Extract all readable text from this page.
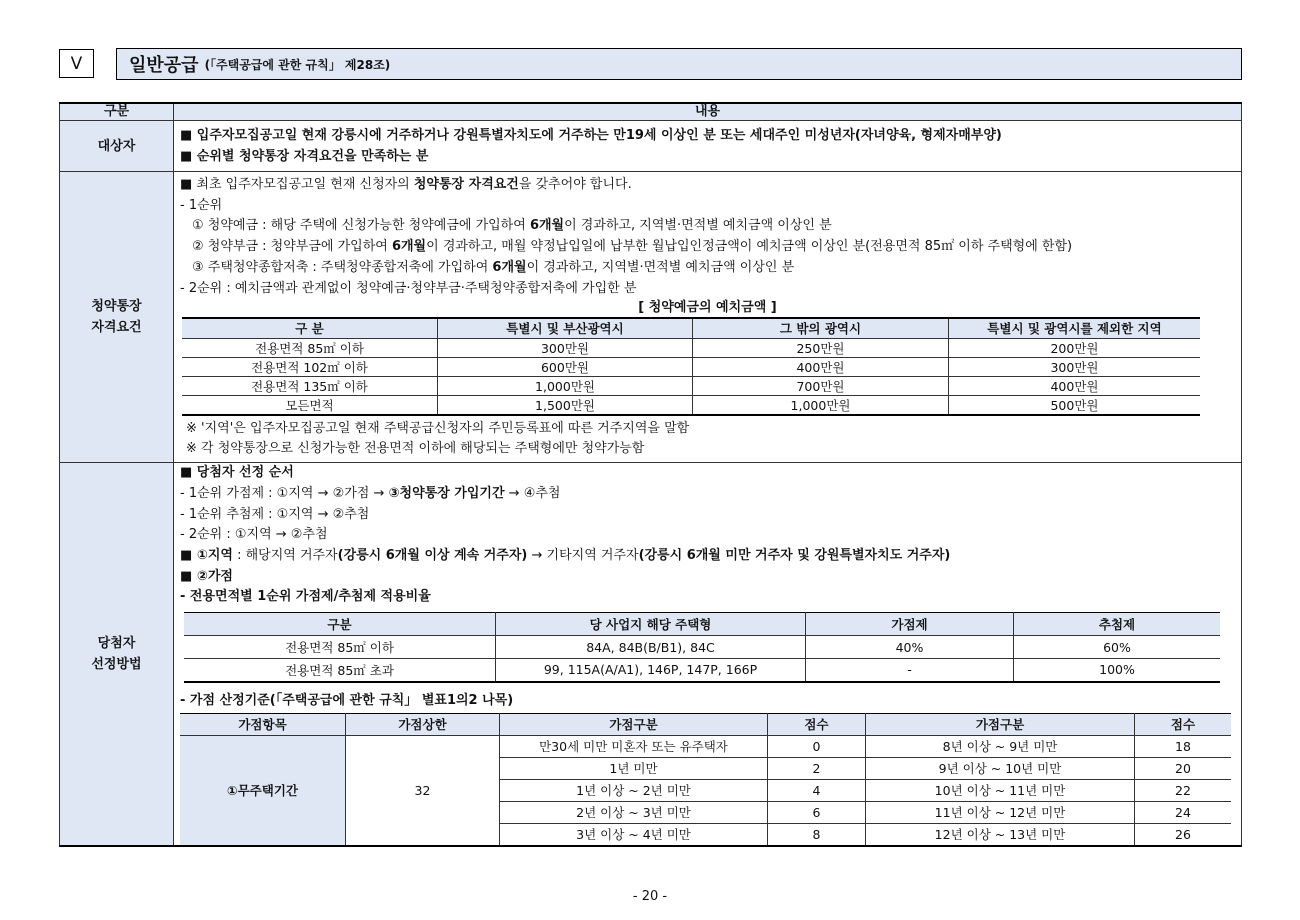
V	일반공급 (「주택공급에 관한 규칙」 제28조)
구분	내용
대상자	
■ 입주자모집공고일 현재 강릉시에 거주하거나 강원특별자치도에 거주하는 만19세 이상인 분 또는 세대주인 미성년자(자녀양육, 형제자매부양)
■ 순위별 청약통장 자격요건을 만족하는 분

청약통장
자격요건

■ 최초 입주자모집공고일 현재 신청자의 청약통장 자격요건을 갖추어야 합니다.
- 1순위
① 청약예금 : 해당 주택에 신청가능한 청약예금에 가입하여 6개월이 경과하고, 지역별·면적별 예치금액 이상인 분
② 청약부금 : 청약부금에 가입하여 6개월이 경과하고, 매월 약정납입일에 납부한 월납입인정금액이 예치금액 이상인 분(전용면적 85㎡ 이하 주택형에 한함)
③ 주택청약종합저축 : 주택청약종합저축에 가입하여 6개월이 경과하고, 지역별·면적별 예치금액 이상인 분
- 2순위 : 예치금액과 관계없이 청약예금·청약부금·주택청약종합저축에 가입한 분
[ 청약예금의 예치금액 ]
구 분	특별시 및 부산광역시	그 밖의 광역시	특별시 및 광역시를 제외한 지역
전용면적 85㎡ 이하	300만원	250만원	200만원
전용면적 102㎡ 이하	600만원	400만원	300만원
전용면적 135㎡ 이하	1,000만원	700만원	400만원
모든면적	1,500만원	1,000만원	500만원
※ '지역'은 입주자모집공고일 현재 주택공급신청자의 주민등록표에 따른 거주지역을 말함
※ 각 청약통장으로 신청가능한 전용면적 이하에 해당되는 주택형에만 청약가능함

당첨자
선정방법

■ 당첨자 선정 순서
- 1순위 가점제 : ①지역 → ②가점 → ③청약통장 가입기간 → ④추첨
- 1순위 추첨제 : ①지역 → ②추첨
- 2순위 : ①지역 → ②추첨
■ ①지역 : 해당지역 거주자(강릉시 6개월 이상 계속 거주자) → 기타지역 거주자(강릉시 6개월 미만 거주자 및 강원특별자치도 거주자)
■ ②가점
- 전용면적별 1순위 가점제/추첨제 적용비율
구분	당 사업지 해당 주택형	가점제	추첨제
전용면적 85㎡ 이하	84A, 84B(B/B1), 84C	40%	60%
전용면적 85㎡ 초과	99, 115A(A/A1), 146P, 147P, 166P	-	100%
- 가점 산정기준(「주택공급에 관한 규칙」 별표1의2 나목)
가점항목	가점상한	가점구분	점수	가점구분	점수
①무주택기간	32	만30세 미만 미혼자 또는 유주택자	0	8년 이상 ~ 9년 미만	18
1년 미만	2	9년 이상 ~ 10년 미만	20
1년 이상 ~ 2년 미만	4	10년 이상 ~ 11년 미만	22
2년 이상 ~ 3년 미만	6	11년 이상 ~ 12년 미만	24
3년 이상 ~ 4년 미만	8	12년 이상 ~ 13년 미만	26
- 20 -
